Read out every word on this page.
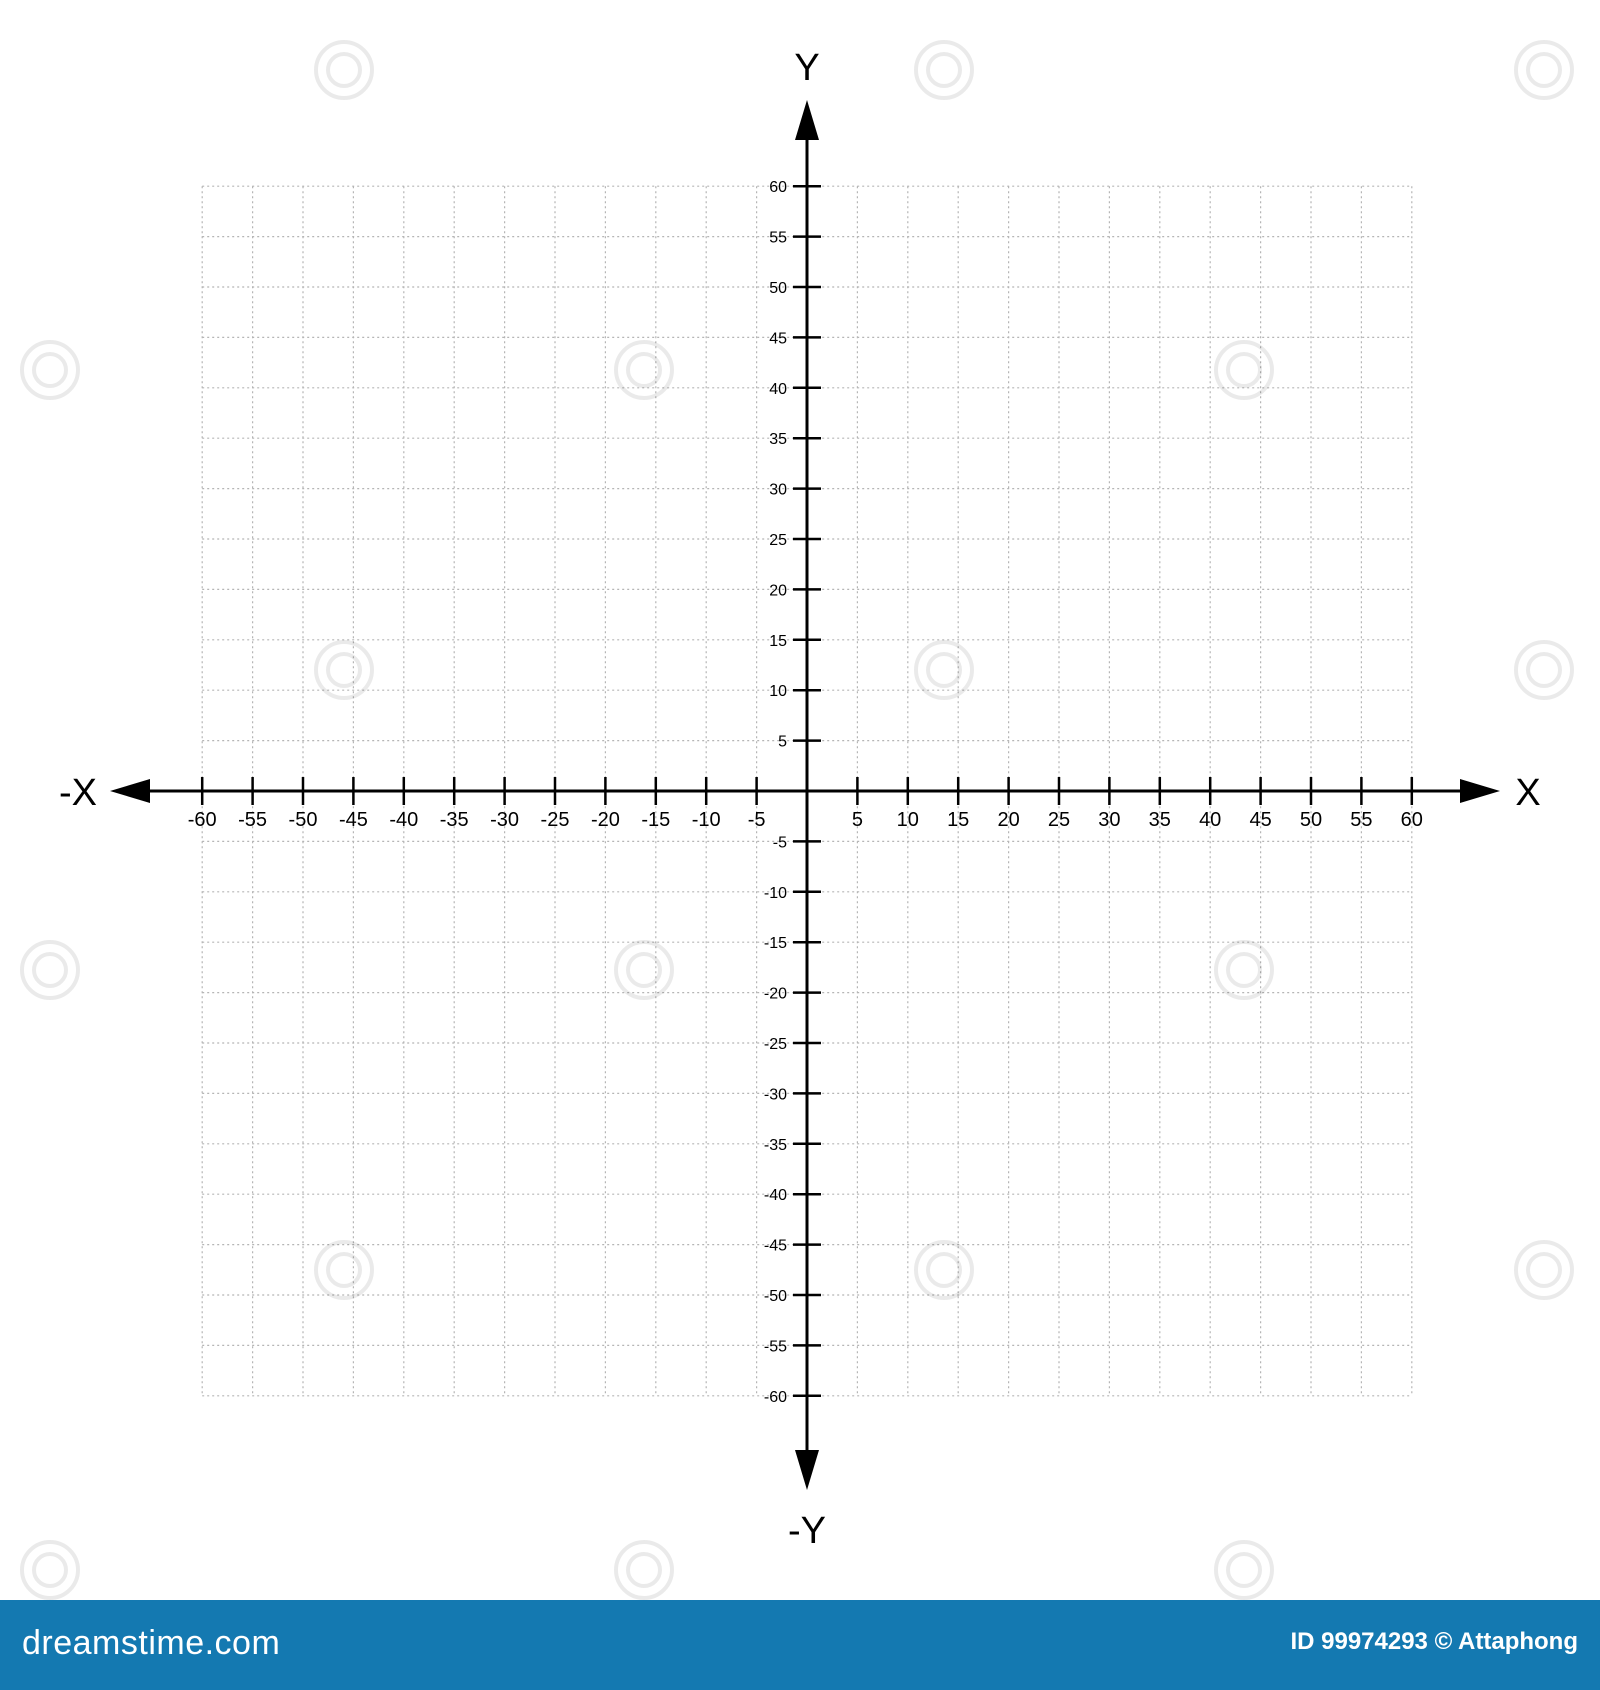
-60 -55 -50 -45 -40 -35 -30 -25 -20 -15 -10 -5	5 10 15 20 25 30 35 40 45 50 55 60
60
55
50
45
40
35
30
25
20
15
10
5
-5
-10
-15
-20
-25
-30
-35
-40
-45
-50
-55
-60
Y
-Y
X
-X
dreamstime.com	ID 99974293 © Attaphong
